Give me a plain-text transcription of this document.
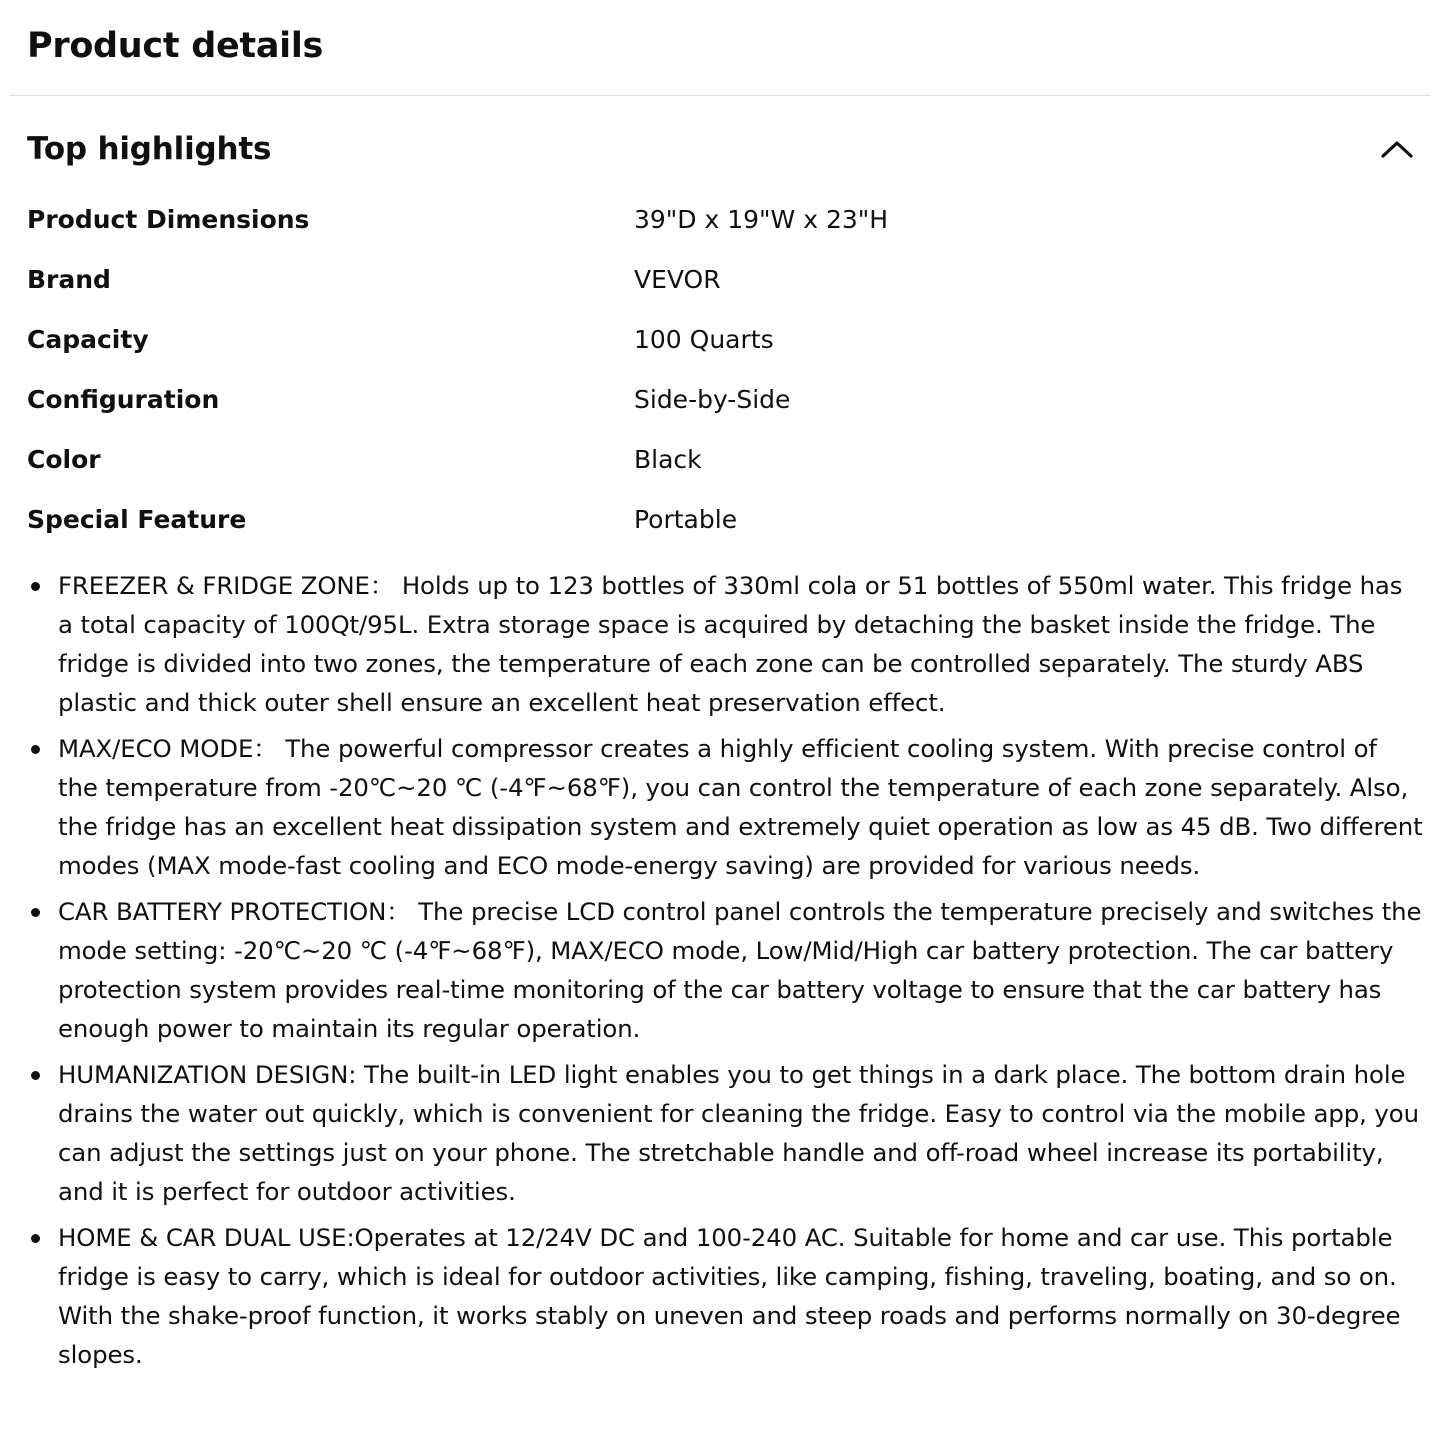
Product details
Top highlights
Product Dimensions	39"D x 19"W x 23"H
Brand	VEVOR
Capacity	100 Quarts
Configuration	Side-by-Side
Color	Black
Special Feature	Portable
FREEZER & FRIDGE ZONE： Holds up to 123 bottles of 330ml cola or 51 bottles of 550ml water. This fridge has a total capacity of 100Qt/95L. Extra storage space is acquired by detaching the basket inside the fridge. The fridge is divided into two zones, the temperature of each zone can be controlled separately. The sturdy ABS plastic and thick outer shell ensure an excellent heat preservation effect.
MAX/ECO MODE： The powerful compressor creates a highly efficient cooling system. With precise control of the temperature from -20℃~20 ℃ (-4℉~68℉), you can control the temperature of each zone separately. Also, the fridge has an excellent heat dissipation system and extremely quiet operation as low as 45 dB. Two different modes (MAX mode-fast cooling and ECO mode-energy saving) are provided for various needs.
CAR BATTERY PROTECTION： The precise LCD control panel controls the temperature precisely and switches the mode setting: -20℃~20 ℃ (-4℉~68℉), MAX/ECO mode, Low/Mid/High car battery protection. The car battery protection system provides real-time monitoring of the car battery voltage to ensure that the car battery has enough power to maintain its regular operation.
HUMANIZATION DESIGN: The built-in LED light enables you to get things in a dark place. The bottom drain hole drains the water out quickly, which is convenient for cleaning the fridge. Easy to control via the mobile app, you can adjust the settings just on your phone. The stretchable handle and off-road wheel increase its portability, and it is perfect for outdoor activities.
HOME & CAR DUAL USE:Operates at 12/24V DC and 100-240 AC. Suitable for home and car use. This portable fridge is easy to carry, which is ideal for outdoor activities, like camping, fishing, traveling, boating, and so on. With the shake-proof function, it works stably on uneven and steep roads and performs normally on 30-degree slopes.
